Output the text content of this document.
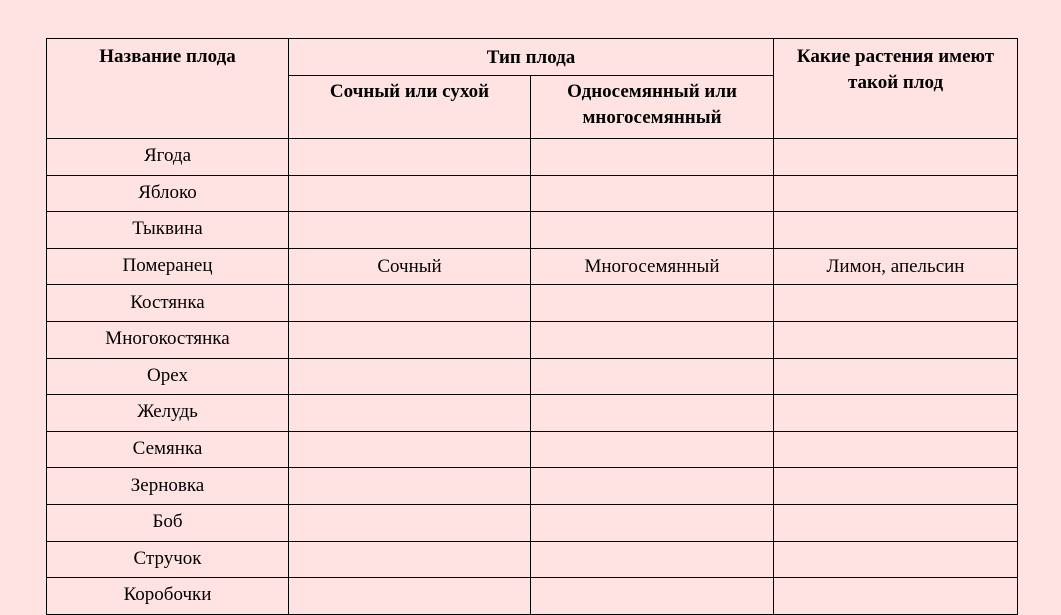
Название плода	Тип плода		Какие растения имеют такой плод
	Сочный или сухой	Односемянный или многосемянный	
Ягода			
Яблоко			
Тыквина			
Померанец	Сочный	Многосемянный	Лимон, апельсин
Костянка			
Многокостянка			
Орех			
Желудь			
Семянка			
Зерновка			
Боб			
Стручок			
Коробочки			
